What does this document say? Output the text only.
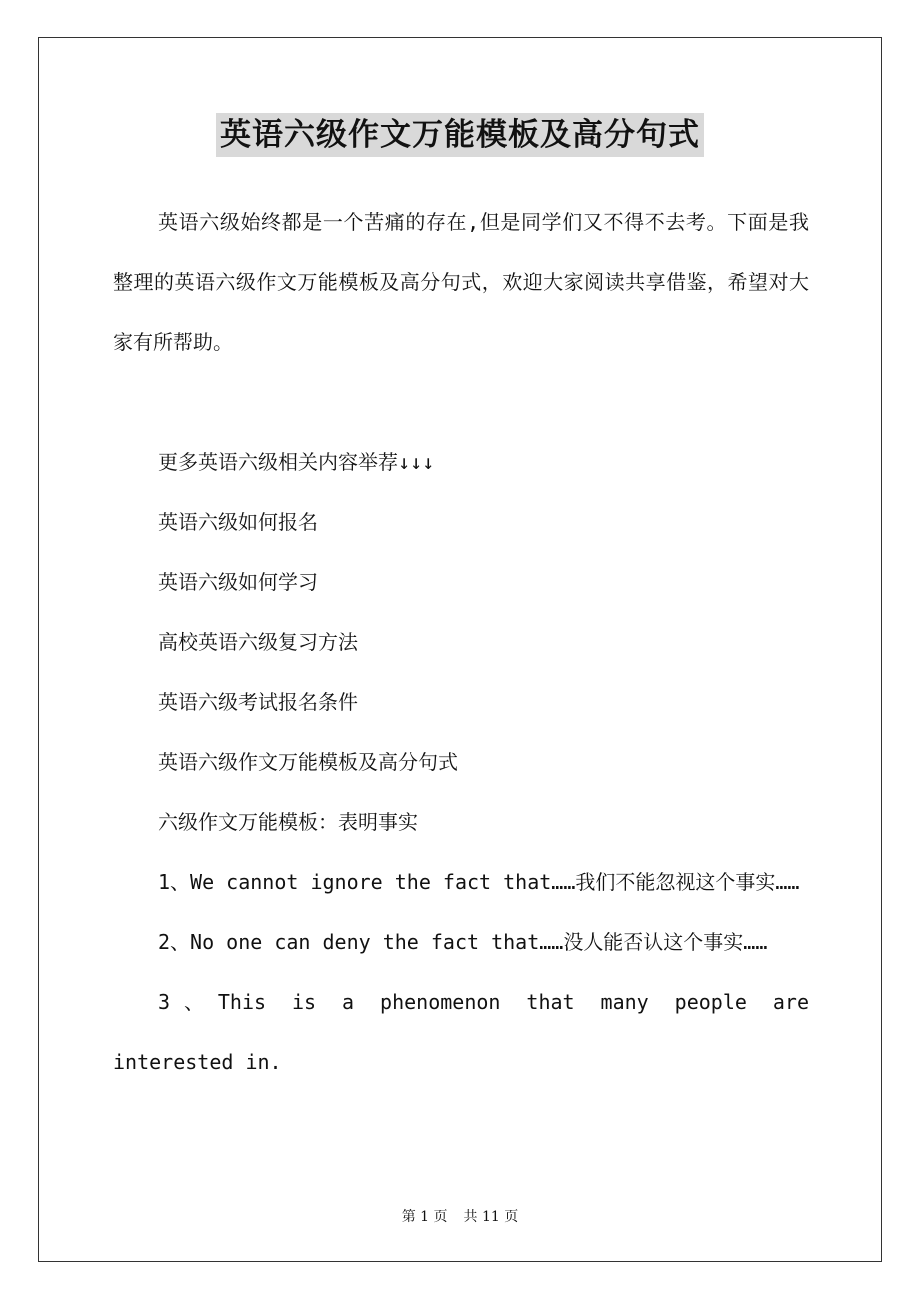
英语六级作文万能模板及高分句式

英语六级始终都是一个苦痛的存在,但是同学们又不得不去考。下面是我整理的英语六级作文万能模板及高分句式，欢迎大家阅读共享借鉴，希望对大家有所帮助。

更多英语六级相关内容举荐↓↓↓

英语六级如何报名

英语六级如何学习

高校英语六级复习方法

英语六级考试报名条件

英语六级作文万能模板及高分句式

六级作文万能模板：表明事实

1、We cannot ignore the fact that……我们不能忽视这个事实……

2、No one can deny the fact that……没人能否认这个事实……

3、This is a phenomenon that many people are interested in.

第 1 页 共 11 页
